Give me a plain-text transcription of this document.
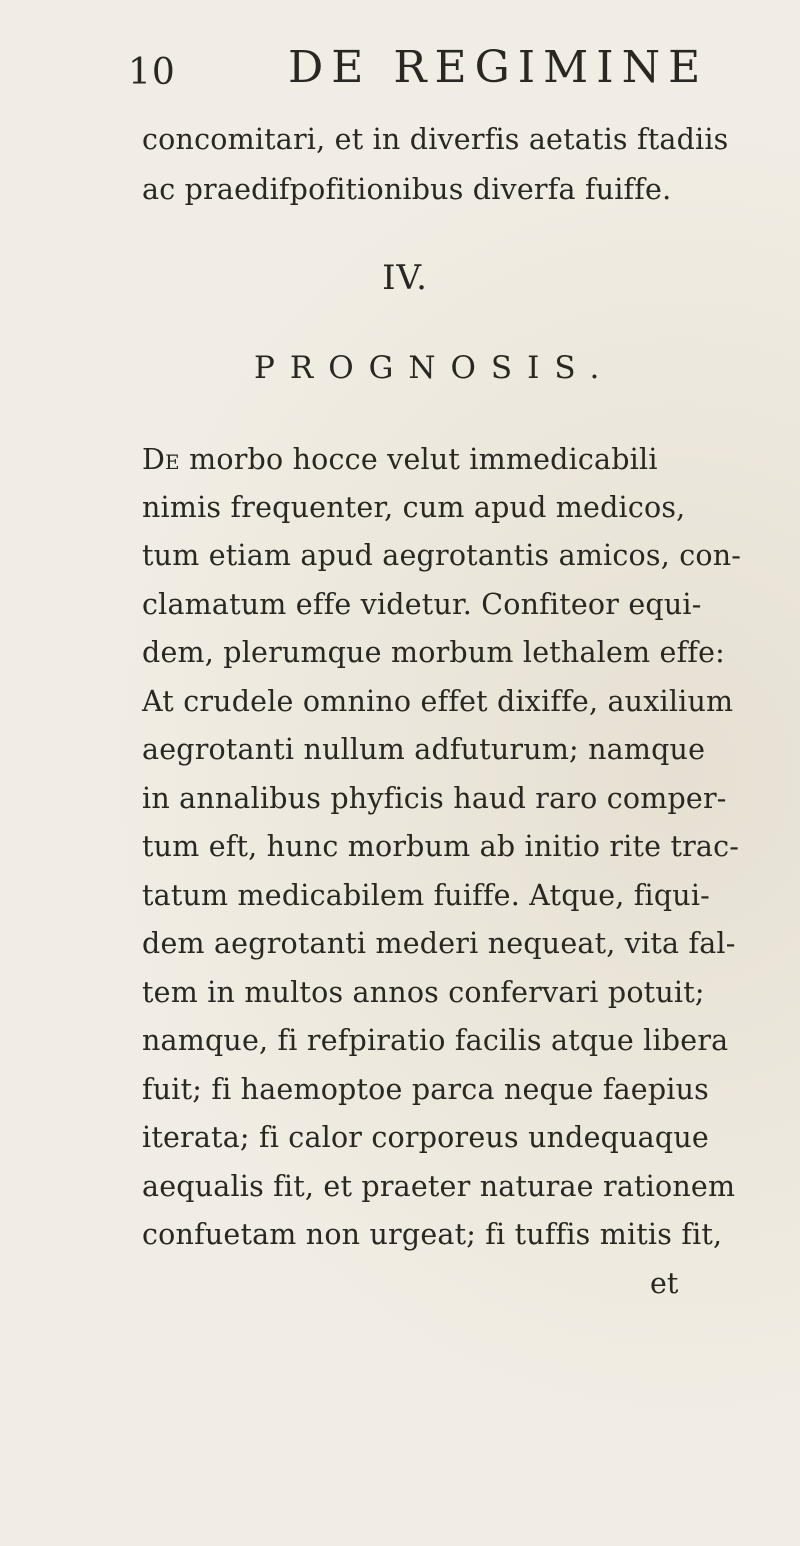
10	DE REGIMINE
concomitari, et in diverfis aetatis ftadiis
ac praedifpofitionibus diverfa fuiffe.
IV.
PROGNOSIS.
De morbo hocce velut immedicabili
nimis frequenter, cum apud medicos,
tum etiam apud aegrotantis amicos, con-
clamatum effe videtur. Confiteor equi-
dem, plerumque morbum lethalem effe:
At crudele omnino effet dixiffe, auxilium
aegrotanti nullum adfuturum; namque
in annalibus phyficis haud raro comper-
tum eft, hunc morbum ab initio rite trac-
tatum medicabilem fuiffe. Atque, fiqui-
dem aegrotanti mederi nequeat, vita fal-
tem in multos annos confervari potuit;
namque, fi refpiratio facilis atque libera
fuit; fi haemoptoe parca neque faepius
iterata; fi calor corporeus undequaque
aequalis fit, et praeter naturae rationem
confuetam non urgeat; fi tuffis mitis fit,
et
